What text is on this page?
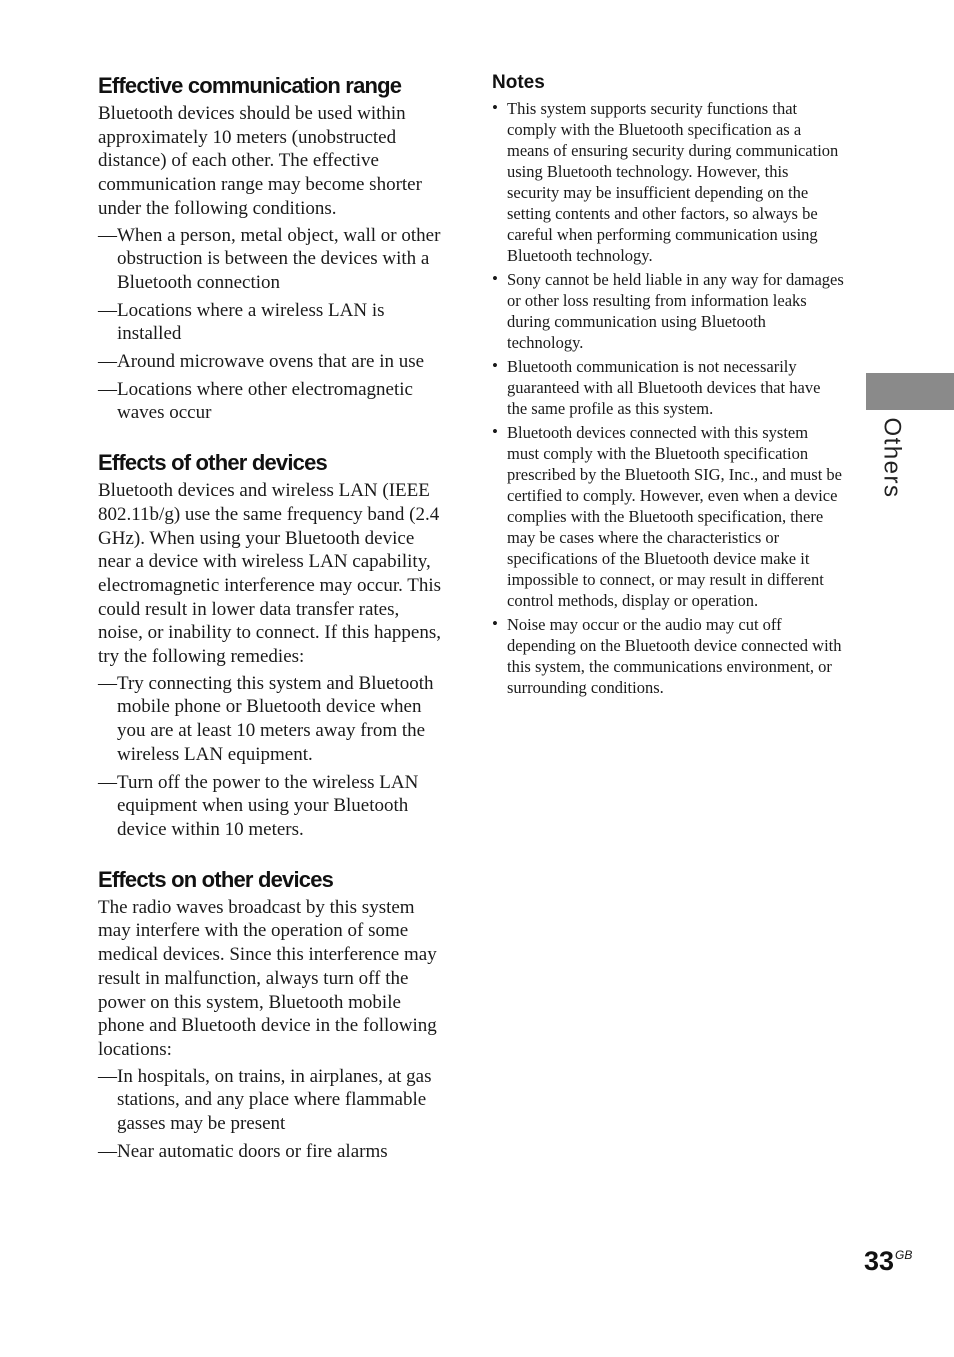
Effective communication range

Bluetooth devices should be used within approximately 10 meters (unobstructed distance) of each other. The effective communication range may become shorter under the following conditions.

— When a person, metal object, wall or other obstruction is between the devices with a Bluetooth connection
— Locations where a wireless LAN is installed
— Around microwave ovens that are in use
— Locations where other electromagnetic waves occur
Effects of other devices

Bluetooth devices and wireless LAN (IEEE 802.11b/g) use the same frequency band (2.4 GHz). When using your Bluetooth device near a device with wireless LAN capability, electromagnetic interference may occur. This could result in lower data transfer rates, noise, or inability to connect. If this happens, try the following remedies:

— Try connecting this system and Bluetooth mobile phone or Bluetooth device when you are at least 10 meters away from the wireless LAN equipment.
— Turn off the power to the wireless LAN equipment when using your Bluetooth device within 10 meters.
Effects on other devices

The radio waves broadcast by this system may interfere with the operation of some medical devices. Since this interference may result in malfunction, always turn off the power on this system, Bluetooth mobile phone and Bluetooth device in the following locations:

— In hospitals, on trains, in airplanes, at gas stations, and any place where flammable gasses may be present
— Near automatic doors or fire alarms
Notes
• This system supports security functions that comply with the Bluetooth specification as a means of ensuring security during communication using Bluetooth technology. However, this security may be insufficient depending on the setting contents and other factors, so always be careful when performing communication using Bluetooth technology.
• Sony cannot be held liable in any way for damages or other loss resulting from information leaks during communication using Bluetooth technology.
• Bluetooth communication is not necessarily guaranteed with all Bluetooth devices that have the same profile as this system.
• Bluetooth devices connected with this system must comply with the Bluetooth specification prescribed by the Bluetooth SIG, Inc., and must be certified to comply. However, even when a device complies with the Bluetooth specification, there may be cases where the characteristics or specifications of the Bluetooth device make it impossible to connect, or may result in different control methods, display or operation.
• Noise may occur or the audio may cut off depending on the Bluetooth device connected with this system, the communications environment, or surrounding conditions.
Others
$33^{GB}$
